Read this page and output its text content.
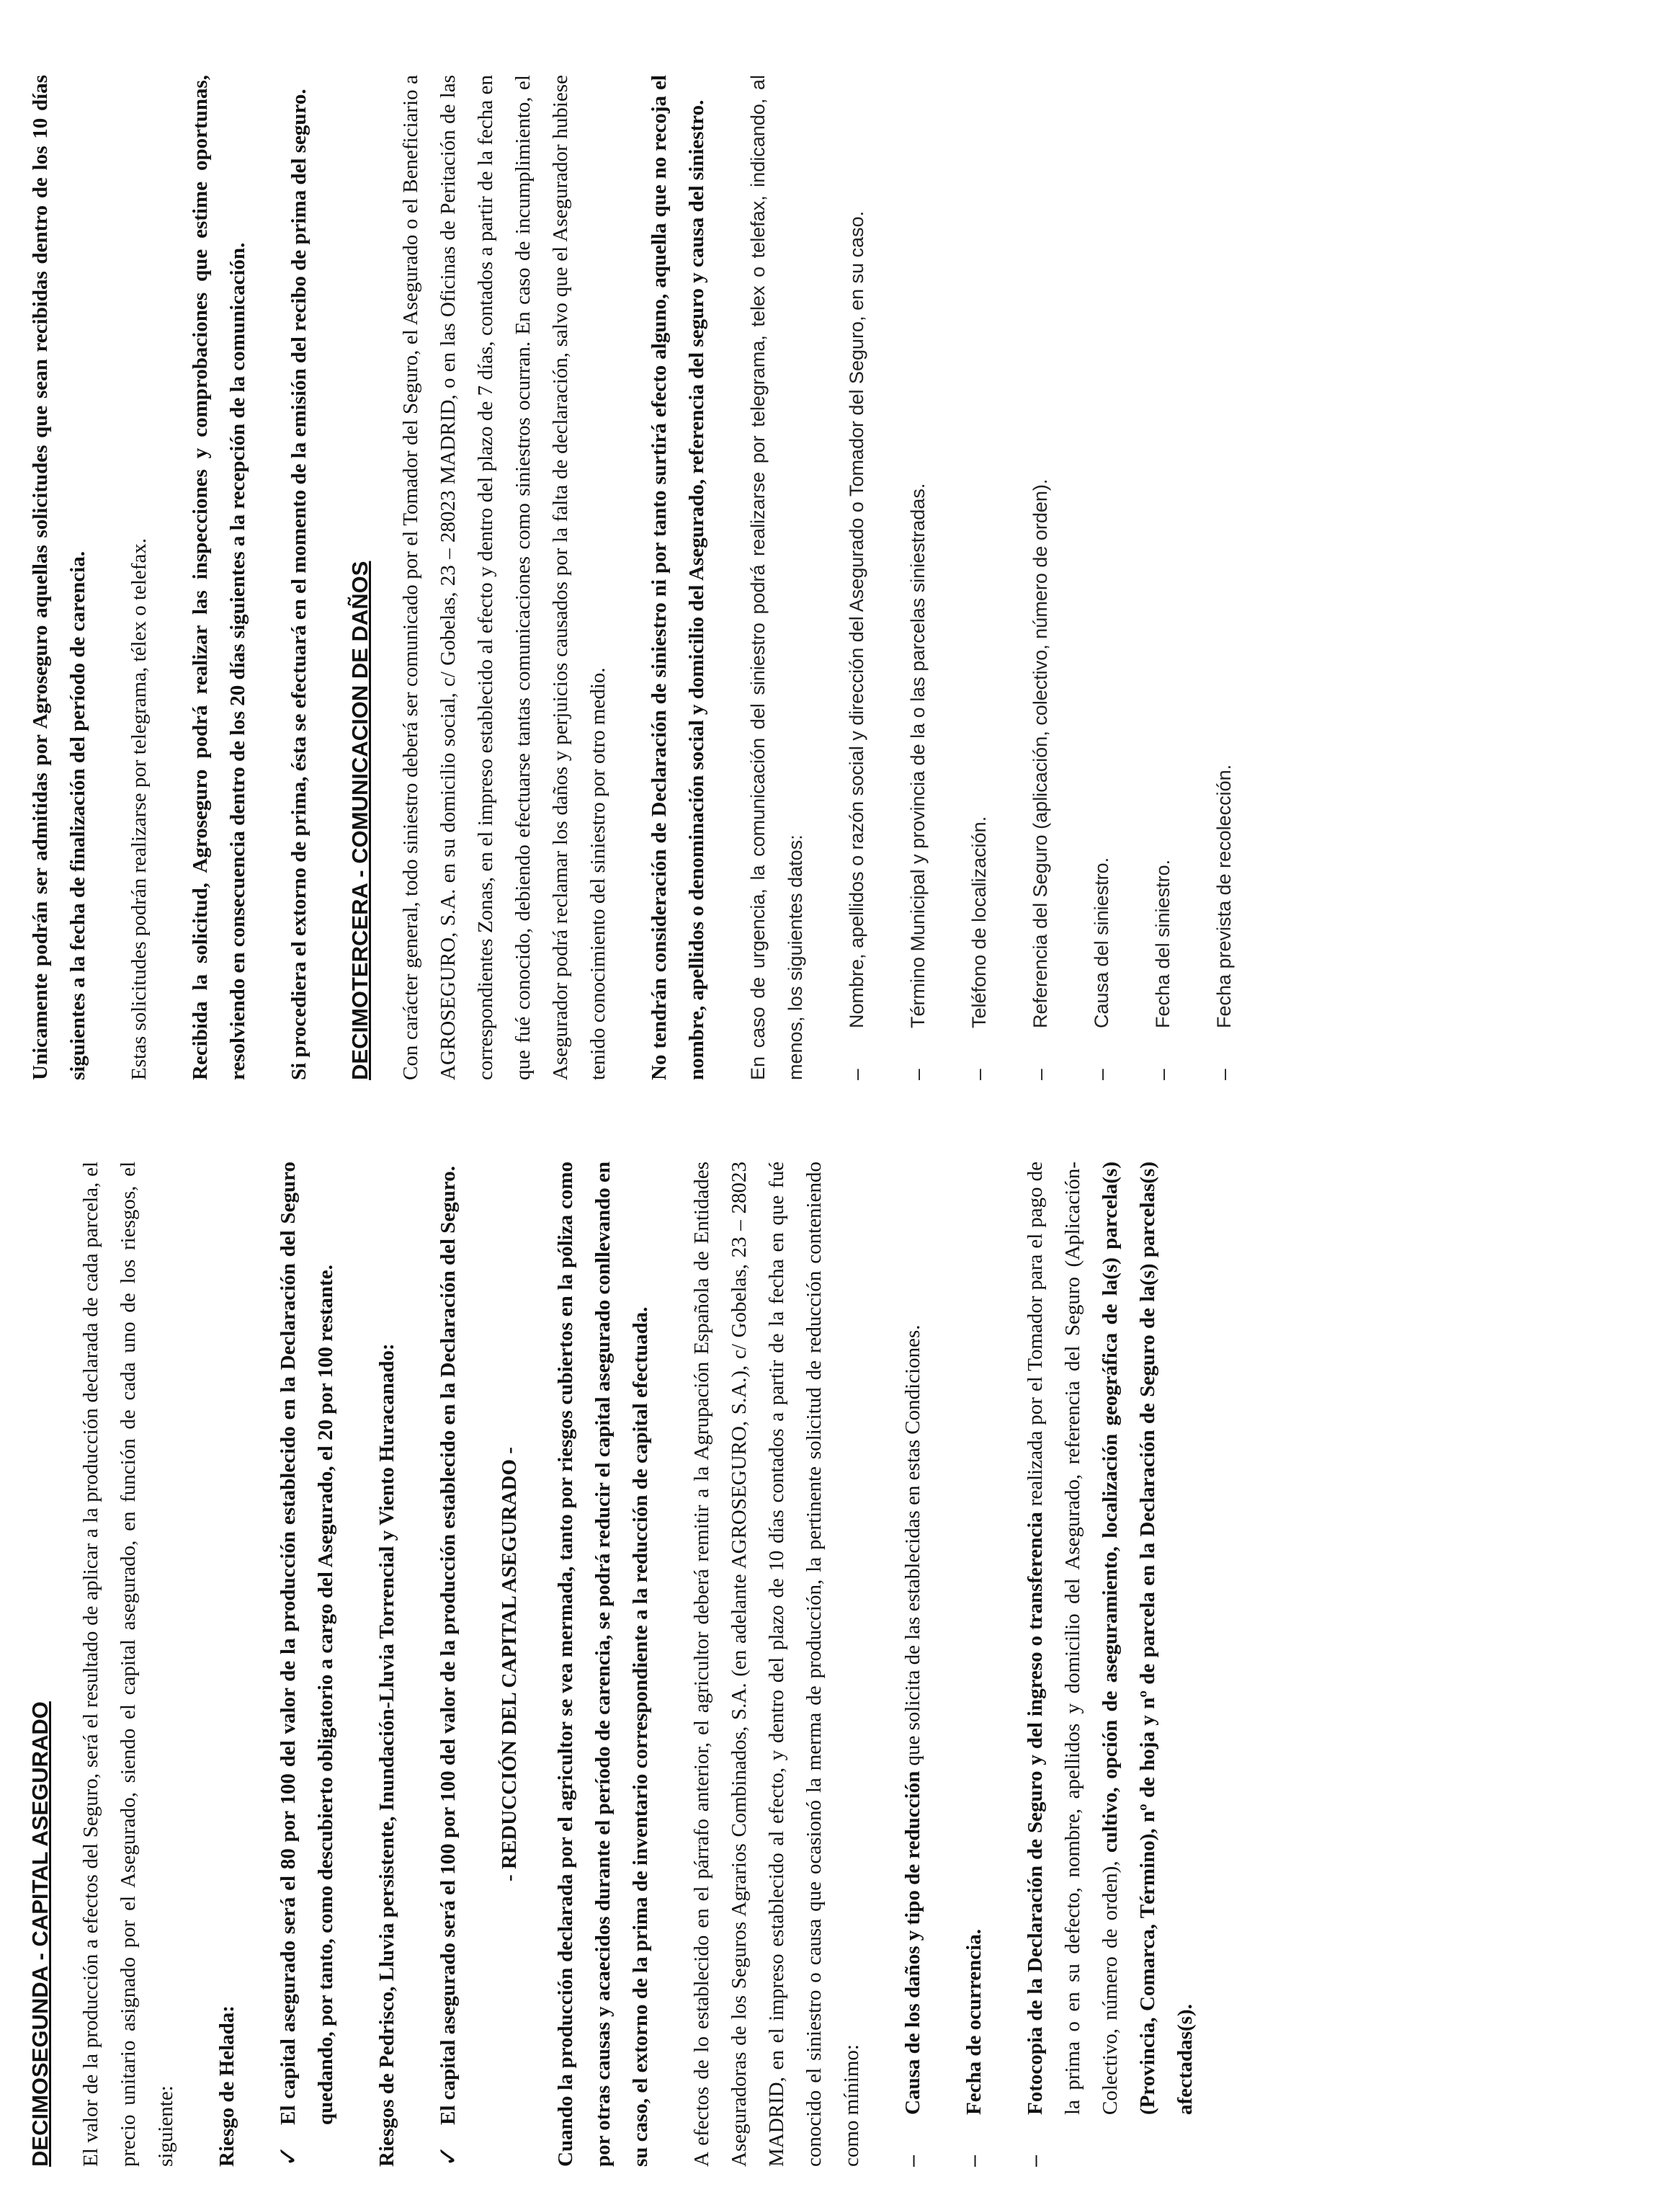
DECIMOSEGUNDA - CAPITAL ASEGURADO	El valor de la producción a efectos del Seguro, será el resultado de aplicar a la producción declarada de cada parcela, el precio unitario asignado por el Asegurado, siendo el capital asegurado, en función de cada uno de los riesgos, el siguiente:	Riesgo de Helada: ✓
El capital asegurado será el 80 por 100 del valor de la producción establecido en la Declaración del Seguro quedando, por tanto, como descubierto obligatorio a cargo del Asegurado, el 20 por 100 restante.	Riesgos de Pedrisco, Lluvia persistente, Inundación-Lluvia Torrencial y Viento Huracanado: ✓
El capital asegurado será el 100 por 100 del valor de la producción establecido en la Declaración del Seguro.	- REDUCCIÓN DEL CAPITAL ASEGURADO -	Cuando la producción declarada por el agricultor se vea mermada, tanto por riesgos cubiertos en la póliza como por otras causas y acaecidos durante el período de carencia, se podrá reducir el capital asegurado conllevando en su caso, el extorno de la prima de inventario correspondiente a la reducción de capital efectuada.	A efectos de lo establecido en el párrafo anterior, el agricultor deberá remitir a la Agrupación Española de Entidades Aseguradoras de los Seguros Agrarios Combinados, S.A. (en adelante AGROSEGURO, S.A.), c/ Gobelas, 23 – 28023 MADRID, en el impreso establecido al efecto, y dentro del plazo de 10 días contados a partir de la fecha en que fué conocido el siniestro o causa que ocasionó la merma de producción, la pertinente solicitud de reducción conteniendo como mínimo:	–
Causa de los daños y tipo de reducción que solicita de las establecidas en estas Condiciones.
–
Fecha de ocurrencia.
–
Fotocopia de la Declaración de Seguro y del ingreso o transferencia realizada por el Tomador para el pago de la prima o en su defecto, nombre, apellidos y domicilio del Asegurado, referencia del Seguro (Aplicación-Colectivo, número de orden), cultivo, opción de aseguramiento, localización geográfica de la(s) parcela(s) (Provincia, Comarca, Término), nº de hoja y nº de parcela en la Declaración de Seguro de la(s) parcelas(s) afectadas(s).

Unicamente podrán ser admitidas por Agroseguro aquellas solicitudes que sean recibidas dentro de los 10 días siguientes a la fecha de finalización del período de carencia.	Estas solicitudes podrán realizarse por telegrama, télex o telefax.	Recibida la solicitud, Agroseguro podrá realizar las inspecciones y comprobaciones que estime oportunas, resolviendo en consecuencia dentro de los 20 días siguientes a la recepción de la comunicación.	Si procediera el extorno de prima, ésta se efectuará en el momento de la emisión del recibo de prima del seguro.	DECIMOTERCERA - COMUNICACION DE DAÑOS	Con carácter general, todo siniestro deberá ser comunicado por el Tomador del Seguro, el Asegurado o el Beneficiario a AGROSEGURO, S.A. en su domicilio social, c/ Gobelas, 23 – 28023 MADRID, o en las Oficinas de Peritación de las correspondientes Zonas, en el impreso establecido al efecto y dentro del plazo de 7 días, contados a partir de la fecha en que fué conocido, debiendo efectuarse tantas comunicaciones como siniestros ocurran. En caso de incumplimiento, el Asegurador podrá reclamar los daños y perjuicios causados por la falta de declaración, salvo que el Asegurador hubiese tenido conocimiento del siniestro por otro medio.	No tendrán consideración de Declaración de siniestro ni por tanto surtirá efecto alguno, aquella que no recoja el nombre, apellidos o denominación social y domicilio del Asegurado, referencia del seguro y causa del siniestro.	En caso de urgencia, la comunicación del siniestro podrá realizarse por telegrama, telex o telefax, indicando, al menos, los siguientes datos:	–
Nombre, apellidos o razón social y dirección del Asegurado o Tomador del Seguro, en su caso.
–
Término Municipal y provincia de la o las parcelas siniestradas.
–
Teléfono de localización.
–
Referencia del Seguro (aplicación, colectivo, número de orden).
–
Causa del siniestro.
–
Fecha del siniestro.
–
Fecha prevista de recolección.
